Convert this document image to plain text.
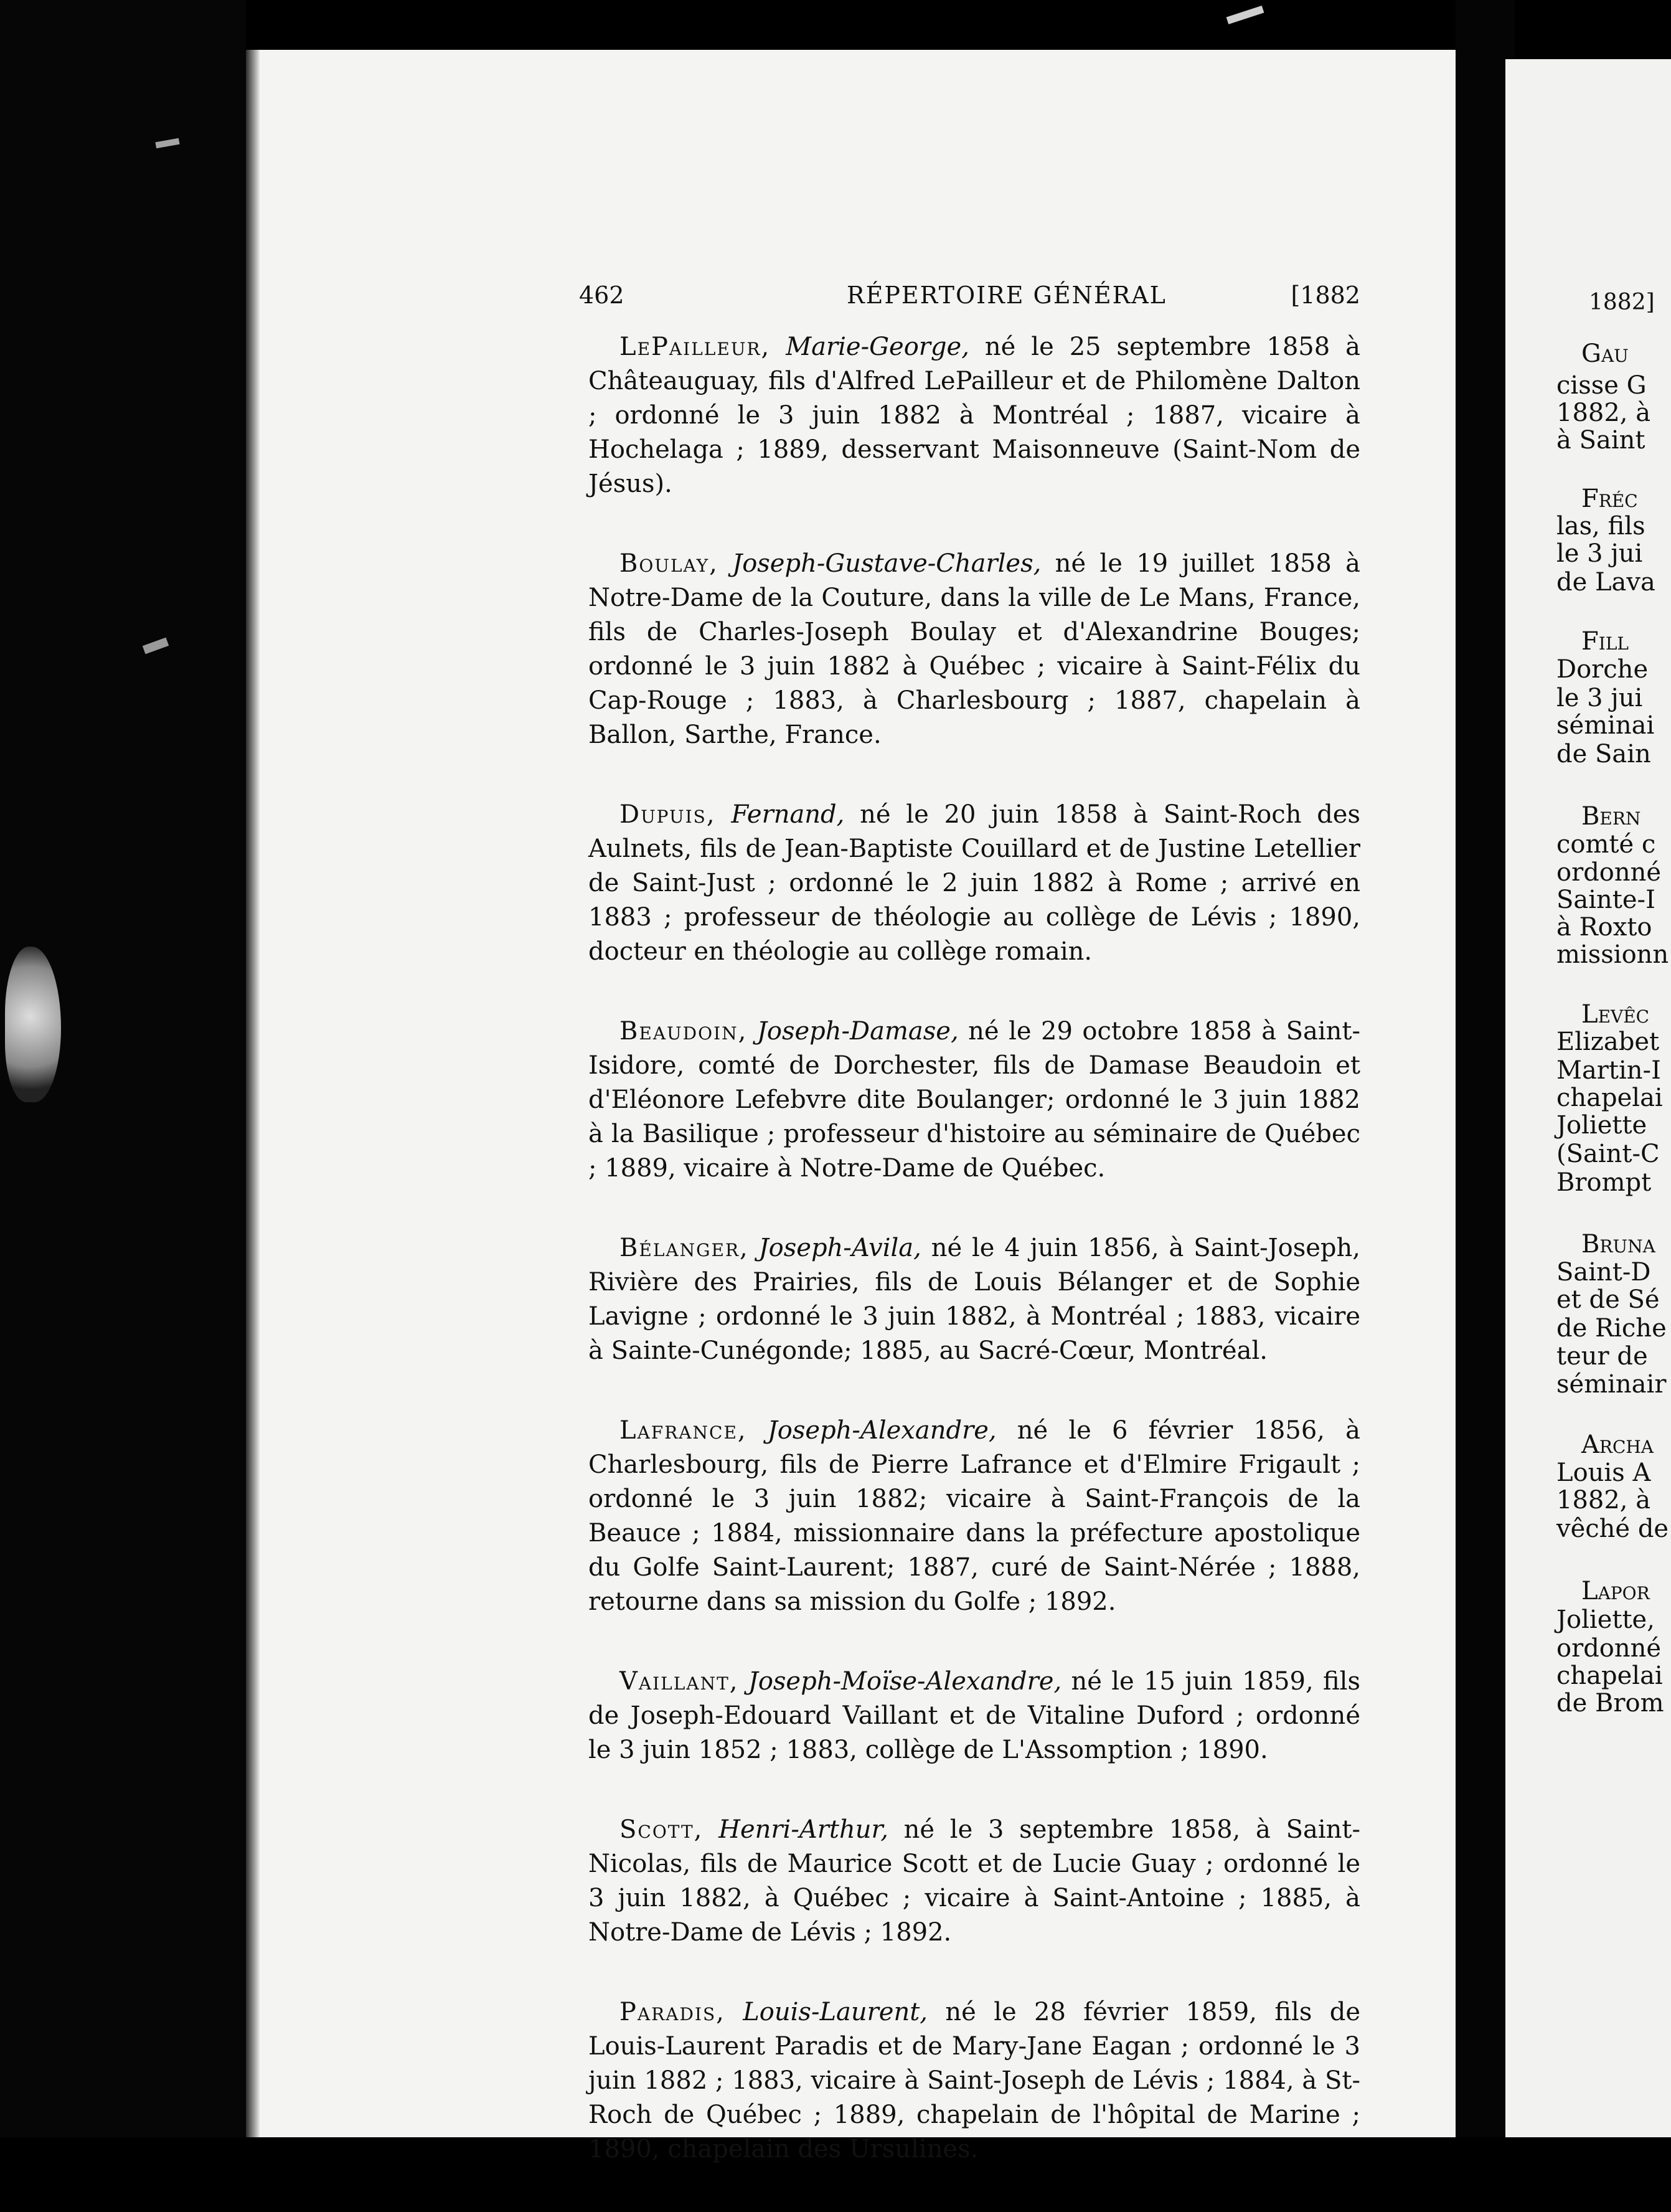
462	RÉPERTOIRE GÉNÉRAL	[1882

LePailleur, Marie-George, né le 25 septembre 1858 à Châteauguay, fils d'Alfred LePailleur et de Philomène Dalton ; ordonné le 3 juin 1882 à Montréal ; 1887, vicaire à Hochelaga ; 1889, desservant Maisonneuve (Saint-Nom de Jésus).

Boulay, Joseph-Gustave-Charles, né le 19 juillet 1858 à Notre-Dame de la Couture, dans la ville de Le Mans, France, fils de Charles-Joseph Boulay et d'Alexandrine Bouges; ordonné le 3 juin 1882 à Québec ; vicaire à Saint-Félix du Cap-Rouge ; 1883, à Charlesbourg ; 1887, chapelain à Ballon, Sarthe, France.

Dupuis, Fernand, né le 20 juin 1858 à Saint-Roch des Aulnets, fils de Jean-Baptiste Couillard et de Justine Letellier de Saint-Just ; ordonné le 2 juin 1882 à Rome ; arrivé en 1883 ; professeur de théologie au collège de Lévis ; 1890, docteur en théologie au collège romain.

Beaudoin, Joseph-Damase, né le 29 octobre 1858 à Saint-Isidore, comté de Dorchester, fils de Damase Beaudoin et d'Eléonore Lefebvre dite Boulanger; ordonné le 3 juin 1882 à la Basilique ; professeur d'histoire au séminaire de Québec ; 1889, vicaire à Notre-Dame de Québec.

Bélanger, Joseph-Avila, né le 4 juin 1856, à Saint-Joseph, Rivière des Prairies, fils de Louis Bélanger et de Sophie Lavigne ; ordonné le 3 juin 1882, à Montréal ; 1883, vicaire à Sainte-Cunégonde; 1885, au Sacré-Cœur, Montréal.

Lafrance, Joseph-Alexandre, né le 6 février 1856, à Charlesbourg, fils de Pierre Lafrance et d'Elmire Frigault ; ordonné le 3 juin 1882; vicaire à Saint-François de la Beauce ; 1884, missionnaire dans la préfecture apostolique du Golfe Saint-Laurent; 1887, curé de Saint-Nérée ; 1888, retourne dans sa mission du Golfe ; 1892.

Vaillant, Joseph-Moïse-Alexandre, né le 15 juin 1859, fils de Joseph-Edouard Vaillant et de Vitaline Duford ; ordonné le 3 juin 1852 ; 1883, collège de L'Assomption ; 1890.

Scott, Henri-Arthur, né le 3 septembre 1858, à Saint-Nicolas, fils de Maurice Scott et de Lucie Guay ; ordonné le 3 juin 1882, à Québec ; vicaire à Saint-Antoine ; 1885, à Notre-Dame de Lévis ; 1892.

Paradis, Louis-Laurent, né le 28 février 1859, fils de Louis-Laurent Paradis et de Mary-Jane Eagan ; ordonné le 3 juin 1882 ; 1883, vicaire à Saint-Joseph de Lévis ; 1884, à St-Roch de Québec ; 1889, chapelain de l'hôpital de Marine ; 1890, chapelain des Ursulines.

1882]
Gau
cisse G
1882, à
à Saint
Fréc
las, fils
le 3 jui
de Lava
Fill
Dorche
le 3 jui
séminai
de Sain
Bern
comté c
ordonné
Sainte-I
à Roxto
missionn
Levêc
Elizabet
Martin-I
chapelai
Joliette
(Saint-C
Brompt
Bruna
Saint-D
et de Sé
de Riche
teur de
séminair
Archa
Louis A
1882, à
vêché de
Lapor
Joliette,
ordonné
chapelai
de Brom
